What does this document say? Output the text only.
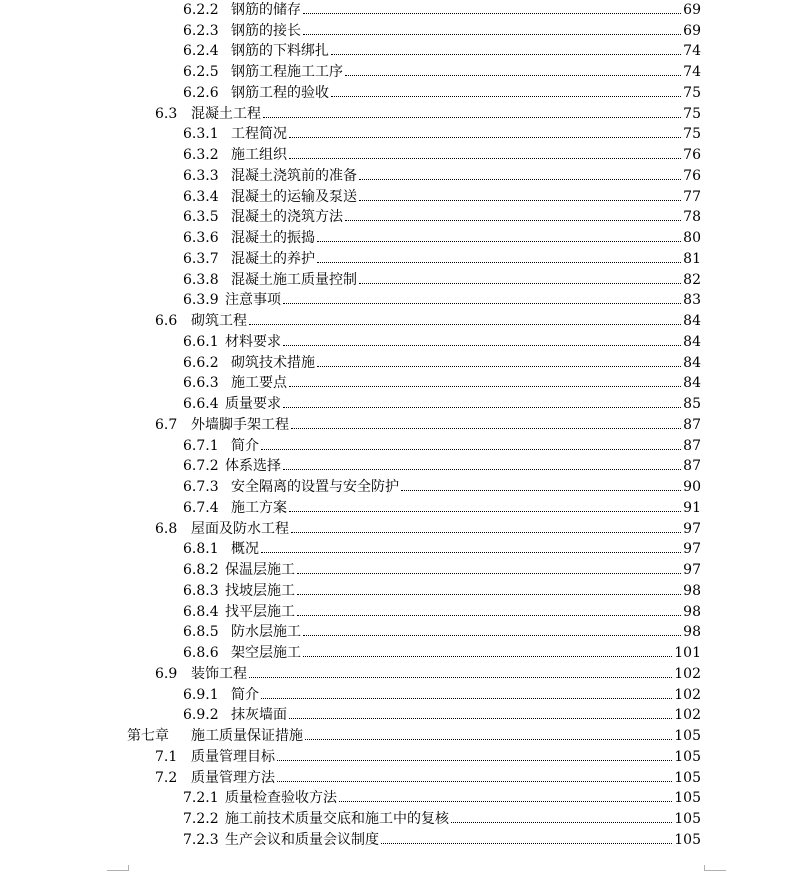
6.2.2 钢筋的储存	69
6.2.3 钢筋的接长	69
6.2.4 钢筋的下料绑扎	74
6.2.5 钢筋工程施工工序	74
6.2.6 钢筋工程的验收	75
6.3 混凝土工程	75
6.3.1 工程简况	75
6.3.2 施工组织	76
6.3.3 混凝土浇筑前的准备	76
6.3.4 混凝土的运输及泵送	77
6.3.5 混凝土的浇筑方法	78
6.3.6 混凝土的振捣	80
6.3.7 混凝土的养护	81
6.3.8 混凝土施工质量控制	82
6.3.9 注意事项	83
6.6 砌筑工程	84
6.6.1 材料要求	84
6.6.2 砌筑技术措施	84
6.6.3 施工要点	84
6.6.4 质量要求	85
6.7 外墙脚手架工程	87
6.7.1 简介	87
6.7.2 体系选择	87
6.7.3 安全隔离的设置与安全防护	90
6.7.4 施工方案	91
6.8 屋面及防水工程	97
6.8.1 概况	97
6.8.2 保温层施工	97
6.8.3 找坡层施工	98
6.8.4 找平层施工	98
6.8.5 防水层施工	98
6.8.6 架空层施工	101
6.9 装饰工程	102
6.9.1 简介	102
6.9.2 抹灰墙面	102
第七章	施工质量保证措施	105
7.1 质量管理目标	105
7.2 质量管理方法	105
7.2.1 质量检查验收方法	105
7.2.2 施工前技术质量交底和施工中的复核	105
7.2.3 生产会议和质量会议制度	105
